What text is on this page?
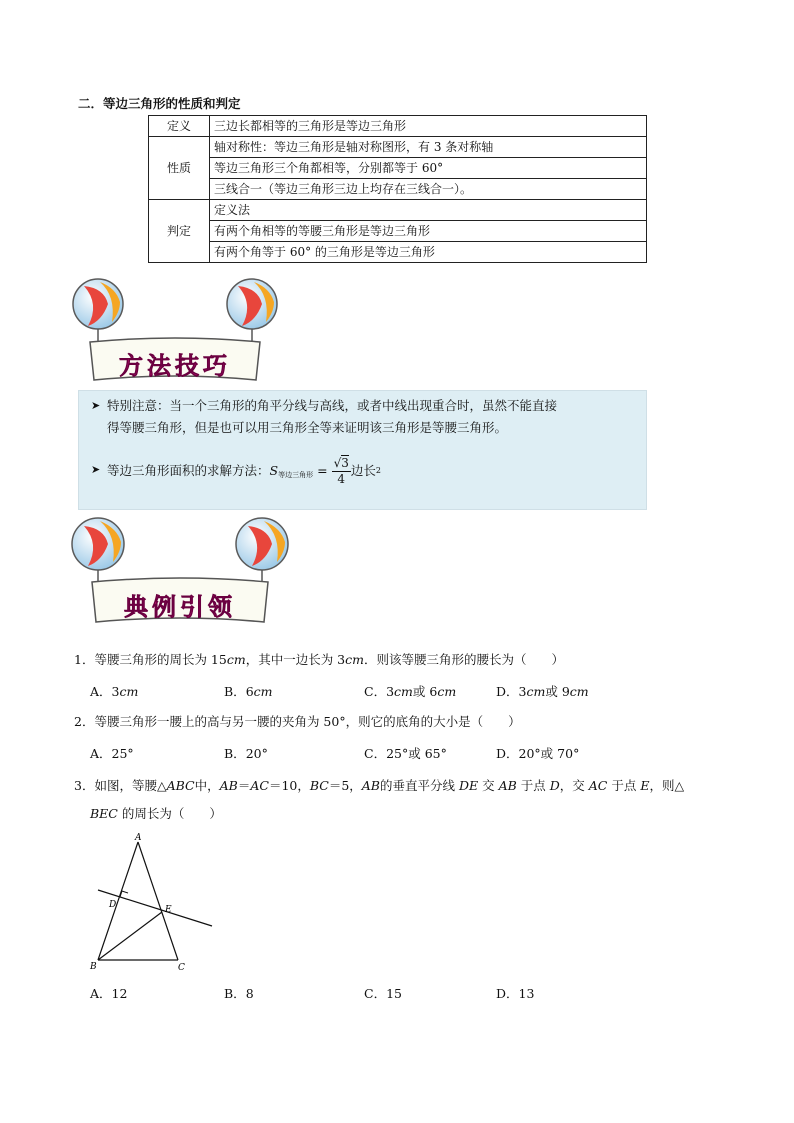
二．等边三角形的性质和判定
定义	三边长都相等的三角形是等边三角形
性质	轴对称性：等边三角形是轴对称图形，有 3 条对称轴
	等边三角形三个角都相等，分别都等于 60°
	三线合一（等边三角形三边上均存在三线合一）。
判定	定义法
	有两个角相等的等腰三角形是等边三角形
	有两个角等于 60° 的三角形是等边三角形
方法技巧
➤ 特别注意：当一个三角形的角平分线与高线，或者中线出现重合时，虽然不能直接
得等腰三角形，但是也可以用三角形全等来证明该三角形是等腰三角形。
➤ 等边三角形面积的求解方法： S 等边三角形 = $\frac{√3}{4}$ 边长 2
典例引领
1．等腰三角形的周长为 15cm，其中一边长为 3cm．则该等腰三角形的腰长为（　　）
A．3cm	B．6cm	C．3cm或 6cm	D．3cm或 9cm
2．等腰三角形一腰上的高与另一腰的夹角为 50°，则它的底角的大小是（　　）
A．25°	B．20°	C．25°或 65°	D．20°或 70°
3．如图，等腰△ABC中，AB＝AC＝10，BC＝5，AB的垂直平分线 DE 交 AB 于点 D，交 AC 于点 E，则△
BEC 的周长为（　　）
A
B	C
D	E
A．12	B．8	C．15	D．13
